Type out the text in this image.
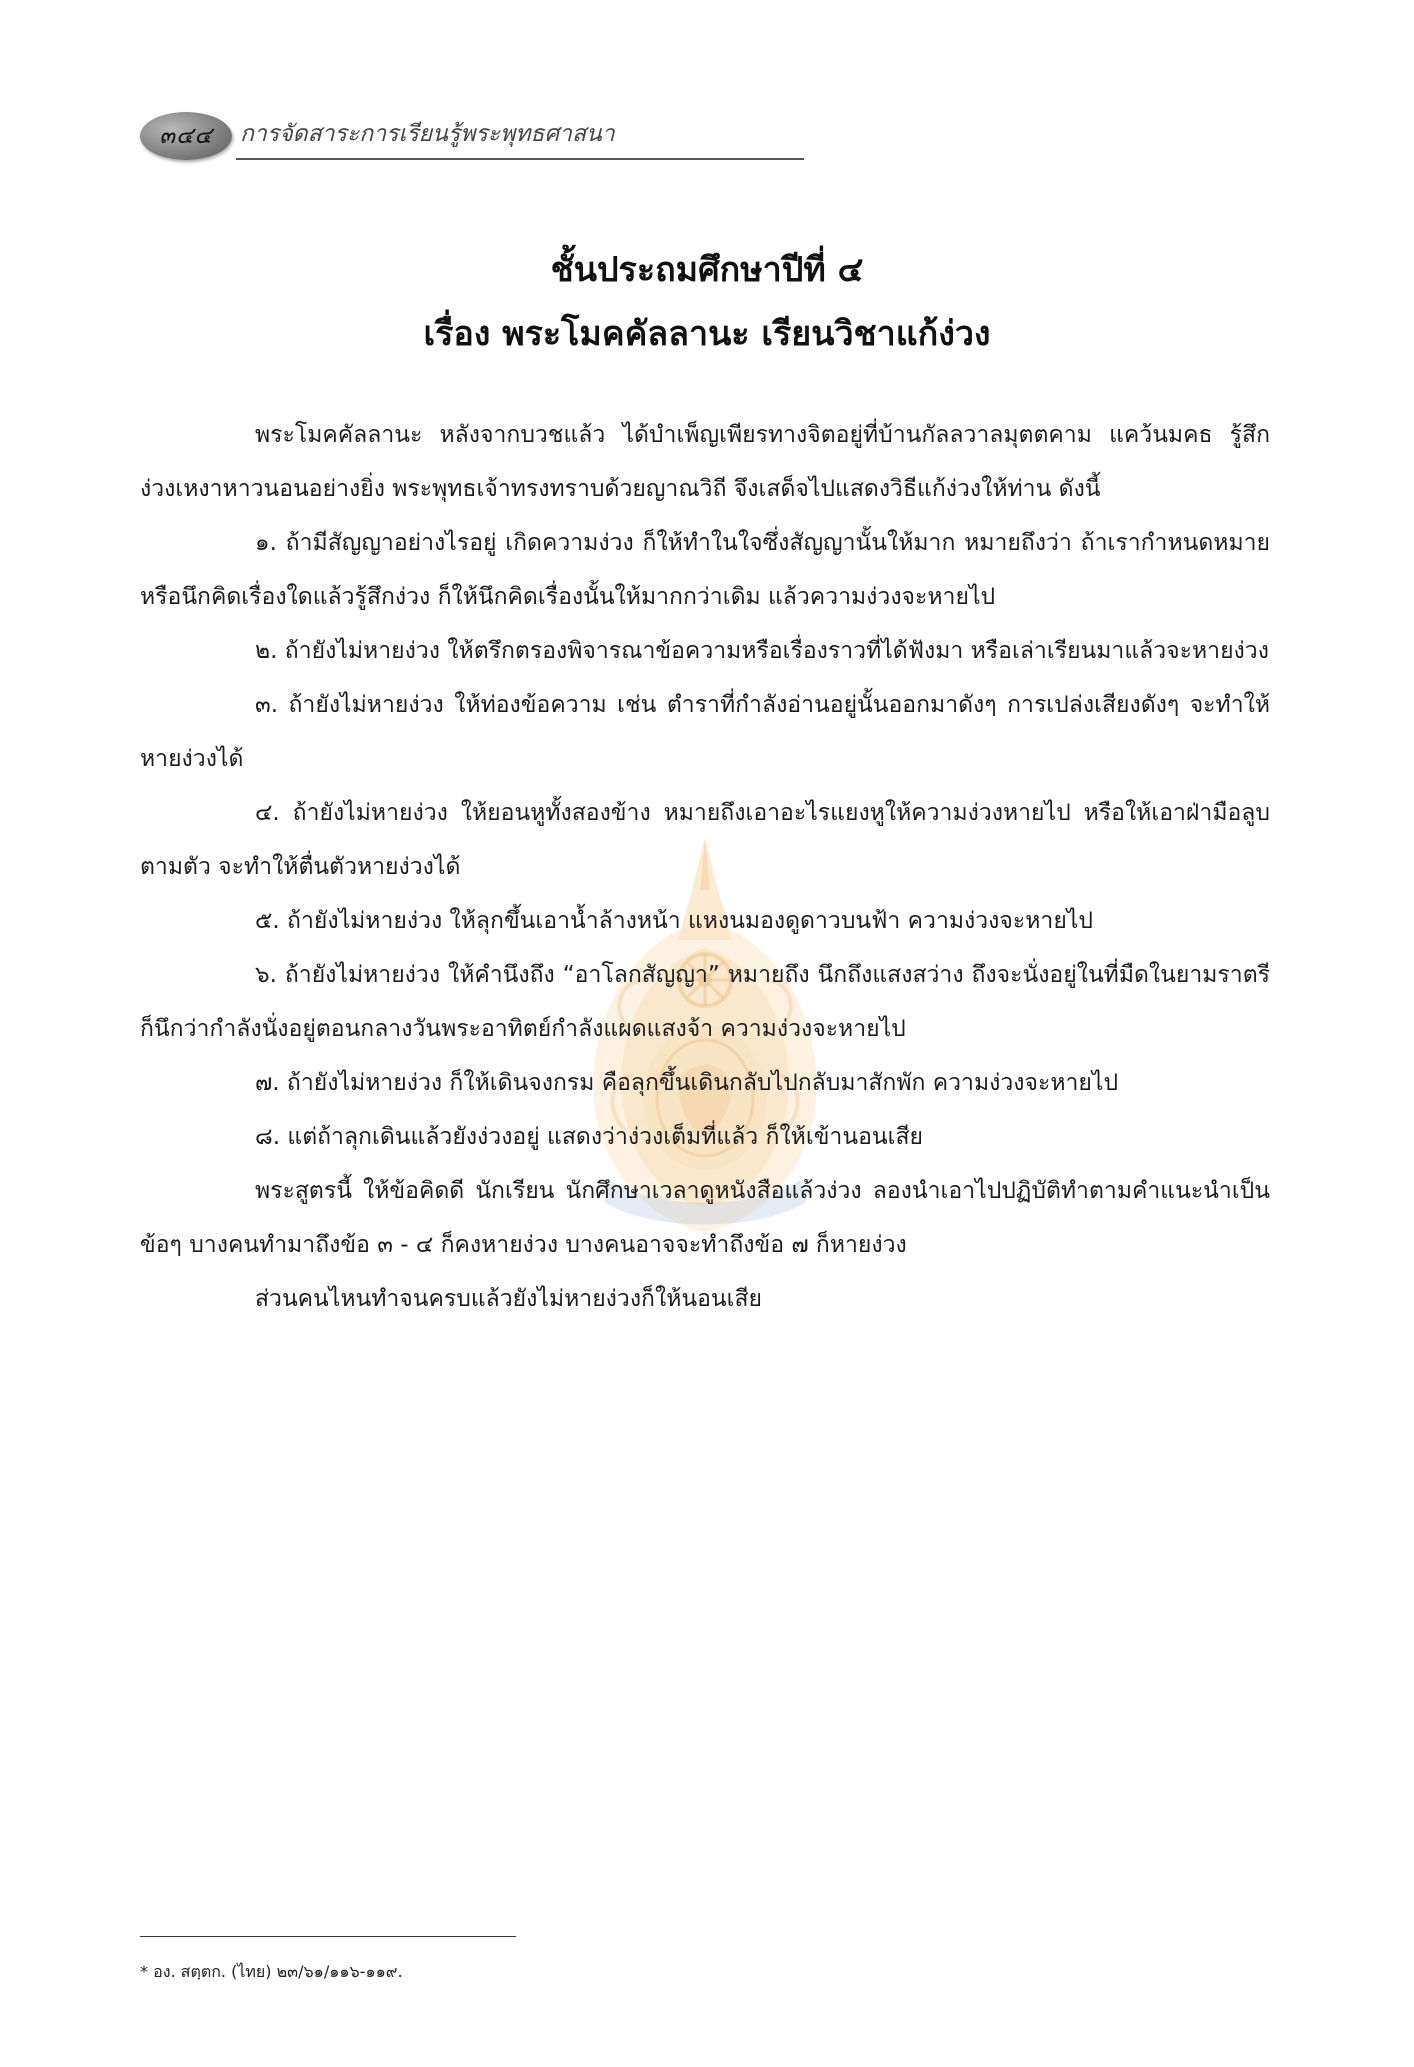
๓๔๔ การจัดสาระการเรียนรู้พระพุทธศาสนา
ชั้นประถมศึกษาปีที่ ๔
เรื่อง พระโมคคัลลานะ เรียนวิชาแก้ง่วง

พระโมคคัลลานะ หลังจากบวชแล้ว ได้บำเพ็ญเพียรทางจิตอยู่ที่บ้านกัลลวาลมุตตคาม แคว้นมคธ รู้สึกง่วงเหงาหาวนอนอย่างยิ่ง พระพุทธเจ้าทรงทราบด้วยญาณวิถี จึงเสด็จไปแสดงวิธีแก้ง่วงให้ท่าน ดังนี้

๑. ถ้ามีสัญญาอย่างไรอยู่ เกิดความง่วง ก็ให้ทำในใจซึ่งสัญญานั้นให้มาก หมายถึงว่า ถ้าเรากำหนดหมาย หรือนึกคิดเรื่องใดแล้วรู้สึกง่วง ก็ให้นึกคิดเรื่องนั้นให้มากกว่าเดิม แล้วความง่วงจะหายไป

๒. ถ้ายังไม่หายง่วง ให้ตรึกตรองพิจารณาข้อความหรือเรื่องราวที่ได้ฟังมา หรือเล่าเรียนมาแล้วจะหายง่วง

๓. ถ้ายังไม่หายง่วง ให้ท่องข้อความ เช่น ตำราที่กำลังอ่านอยู่นั้นออกมาดังๆ การเปล่งเสียงดังๆ จะทำให้หายง่วงได้

๔. ถ้ายังไม่หายง่วง ให้ยอนหูทั้งสองข้าง หมายถึงเอาอะไรแยงหูให้ความง่วงหายไป หรือให้เอาฝ่ามือลูบตามตัว จะทำให้ตื่นตัวหายง่วงได้

๕. ถ้ายังไม่หายง่วง ให้ลุกขึ้นเอาน้ำล้างหน้า แหงนมองดูดาวบนฟ้า ความง่วงจะหายไป

๖. ถ้ายังไม่หายง่วง ให้คำนึงถึง “อาโลกสัญญา” หมายถึง นึกถึงแสงสว่าง ถึงจะนั่งอยู่ในที่มืดในยามราตรี ก็นึกว่ากำลังนั่งอยู่ตอนกลางวันพระอาทิตย์กำลังแผดแสงจ้า ความง่วงจะหายไป

๗. ถ้ายังไม่หายง่วง ก็ให้เดินจงกรม คือลุกขึ้นเดินกลับไปกลับมาสักพัก ความง่วงจะหายไป

๘. แต่ถ้าลุกเดินแล้วยังง่วงอยู่ แสดงว่าง่วงเต็มที่แล้ว ก็ให้เข้านอนเสีย

พระสูตรนี้ ให้ข้อคิดดี นักเรียน นักศึกษาเวลาดูหนังสือแล้วง่วง ลองนำเอาไปปฏิบัติทำตามคำแนะนำเป็นข้อๆ บางคนทำมาถึงข้อ ๓ - ๔ ก็คงหายง่วง บางคนอาจจะทำถึงข้อ ๗ ก็หายง่วง

ส่วนคนไหนทำจนครบแล้วยังไม่หายง่วงก็ให้นอนเสีย

* อง. สตฺตก. (ไทย) ๒๓/๖๑/๑๑๖-๑๑๙.
